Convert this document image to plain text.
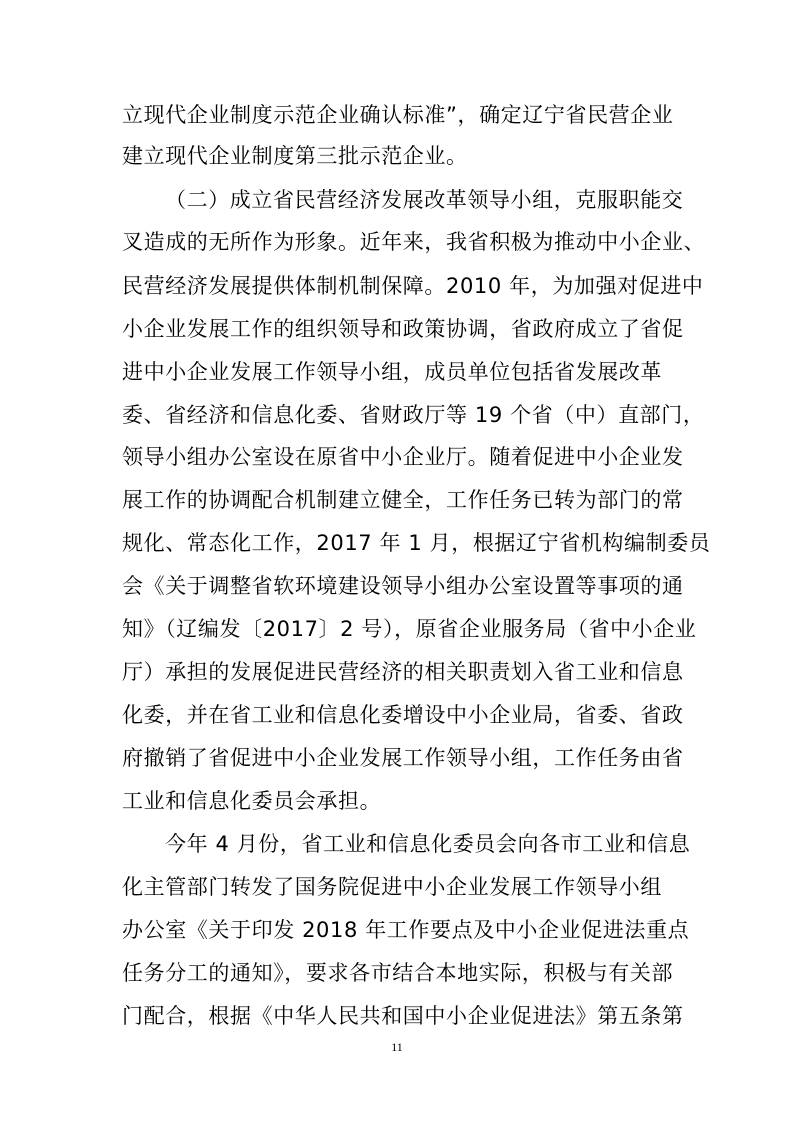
立现代企业制度示范企业确认标准”，确定辽宁省民营企业
建立现代企业制度第三批示范企业。
（二）成立省民营经济发展改革领导小组，克服职能交
叉造成的无所作为形象。近年来，我省积极为推动中小企业、
民营经济发展提供体制机制保障。2010 年，为加强对促进中
小企业发展工作的组织领导和政策协调，省政府成立了省促
进中小企业发展工作领导小组，成员单位包括省发展改革
委、省经济和信息化委、省财政厅等 19 个省（中）直部门，
领导小组办公室设在原省中小企业厅。随着促进中小企业发
展工作的协调配合机制建立健全，工作任务已转为部门的常
规化、常态化工作，2017 年 1 月，根据辽宁省机构编制委员
会《关于调整省软环境建设领导小组办公室设置等事项的通
知》（辽编发〔2017〕2 号），原省企业服务局（省中小企业
厅）承担的发展促进民营经济的相关职责划入省工业和信息
化委，并在省工业和信息化委增设中小企业局，省委、省政
府撤销了省促进中小企业发展工作领导小组，工作任务由省
工业和信息化委员会承担。
今年 4 月份，省工业和信息化委员会向各市工业和信息
化主管部门转发了国务院促进中小企业发展工作领导小组
办公室《关于印发 2018 年工作要点及中小企业促进法重点
任务分工的通知》，要求各市结合本地实际，积极与有关部
门配合，根据《中华人民共和国中小企业促进法》第五条第
11
